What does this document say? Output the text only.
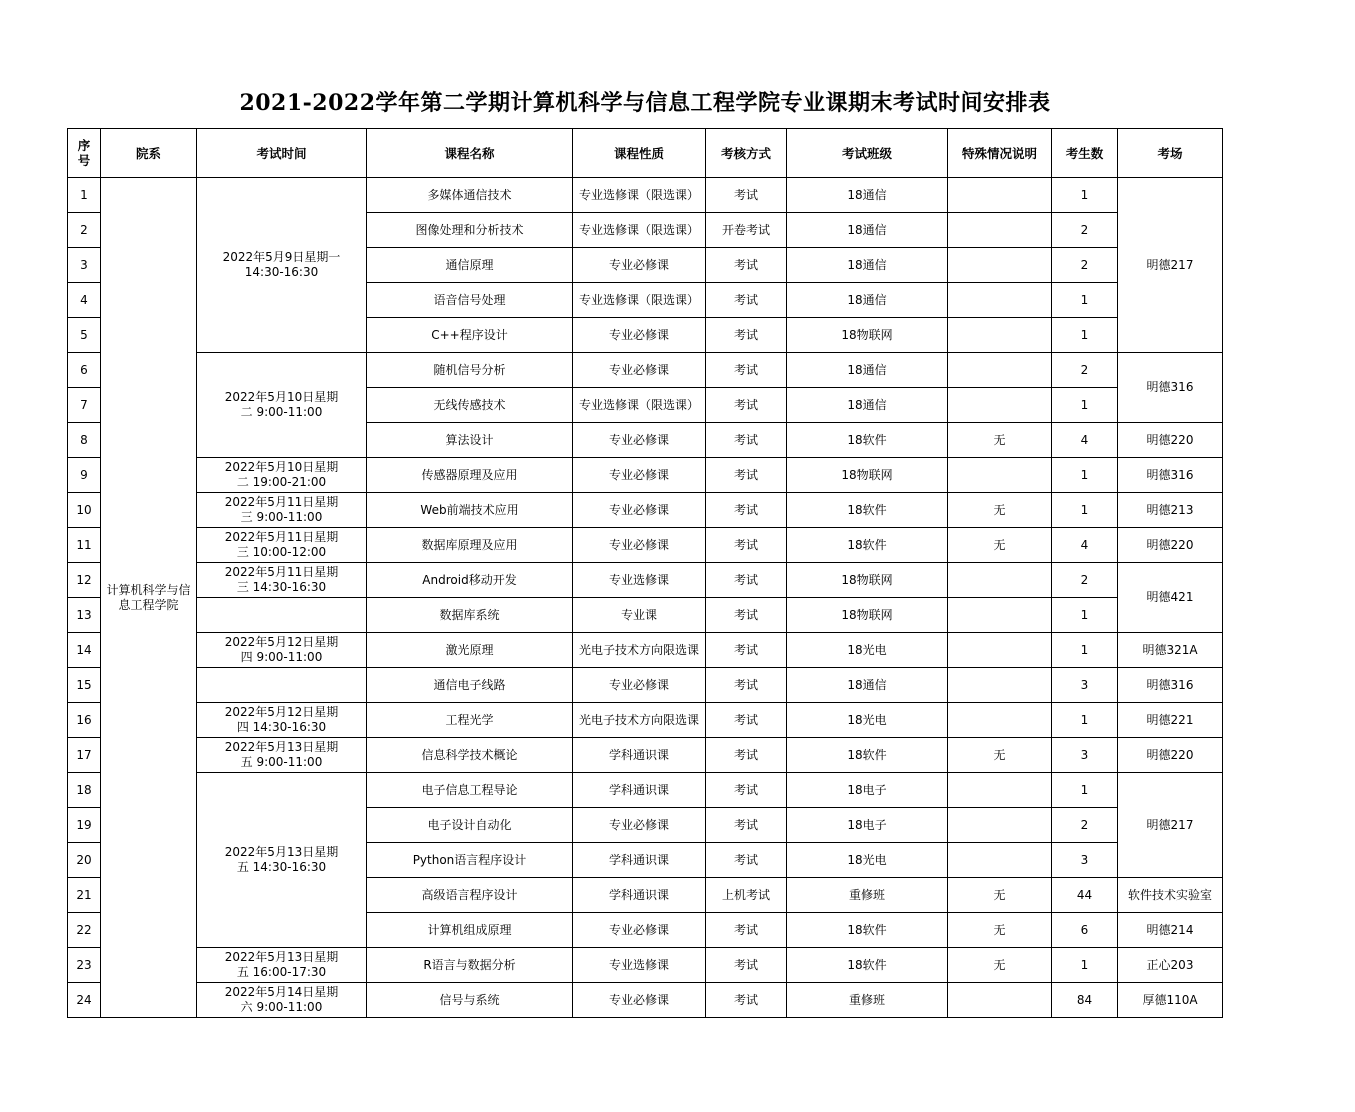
2021-2022学年第二学期计算机科学与信息工程学院专业课期末考试时间安排表
序号	院系	考试时间	课程名称	课程性质	考核方式	考试班级	特殊情况说明	考生数	考场
1	计算机科学与信息工程学院	2022年5月9日星期一 14:30-16:30	多媒体通信技术	专业选修课（限选课）	考试	18通信		1	明德217
2			图像处理和分析技术	专业选修课（限选课）	开卷考试	18通信		2	
3			通信原理	专业必修课	考试	18通信		2	
4			语音信号处理	专业选修课（限选课）	考试	18通信		1	
5			C++程序设计	专业必修课	考试	18物联网		1	
6		2022年5月10日星期二 9:00-11:00	随机信号分析	专业必修课	考试	18通信		2	明德316
7			无线传感技术	专业选修课（限选课）	考试	18通信		1	
8			算法设计	专业必修课	考试	18软件	无	4	明德220
9		2022年5月10日星期二 19:00-21:00	传感器原理及应用	专业必修课	考试	18物联网		1	明德316
10		2022年5月11日星期三 9:00-11:00	Web前端技术应用	专业必修课	考试	18软件	无	1	明德213
11		2022年5月11日星期三 10:00-12:00	数据库原理及应用	专业必修课	考试	18软件	无	4	明德220
12		2022年5月11日星期三 14:30-16:30	Android移动开发	专业选修课	考试	18物联网		2	明德421
13			数据库系统	专业课	考试	18物联网		1	
14		2022年5月12日星期四 9:00-11:00	激光原理	光电子技术方向限选课	考试	18光电		1	明德321A
15			通信电子线路	专业必修课	考试	18通信		3	明德316
16		2022年5月12日星期四 14:30-16:30	工程光学	光电子技术方向限选课	考试	18光电		1	明德221
17		2022年5月13日星期五 9:00-11:00	信息科学技术概论	学科通识课	考试	18软件	无	3	明德220
18		2022年5月13日星期五 14:30-16:30	电子信息工程导论	学科通识课	考试	18电子		1	明德217
19			电子设计自动化	专业必修课	考试	18电子		2	
20			Python语言程序设计	学科通识课	考试	18光电		3	
21			高级语言程序设计	学科通识课	上机考试	重修班	无	44	软件技术实验室
22			计算机组成原理	专业必修课	考试	18软件	无	6	明德214
23		2022年5月13日星期五 16:00-17:30	R语言与数据分析	专业选修课	考试	18软件	无	1	正心203
24		2022年5月14日星期六 9:00-11:00	信号与系统	专业必修课	考试	重修班		84	厚德110A
